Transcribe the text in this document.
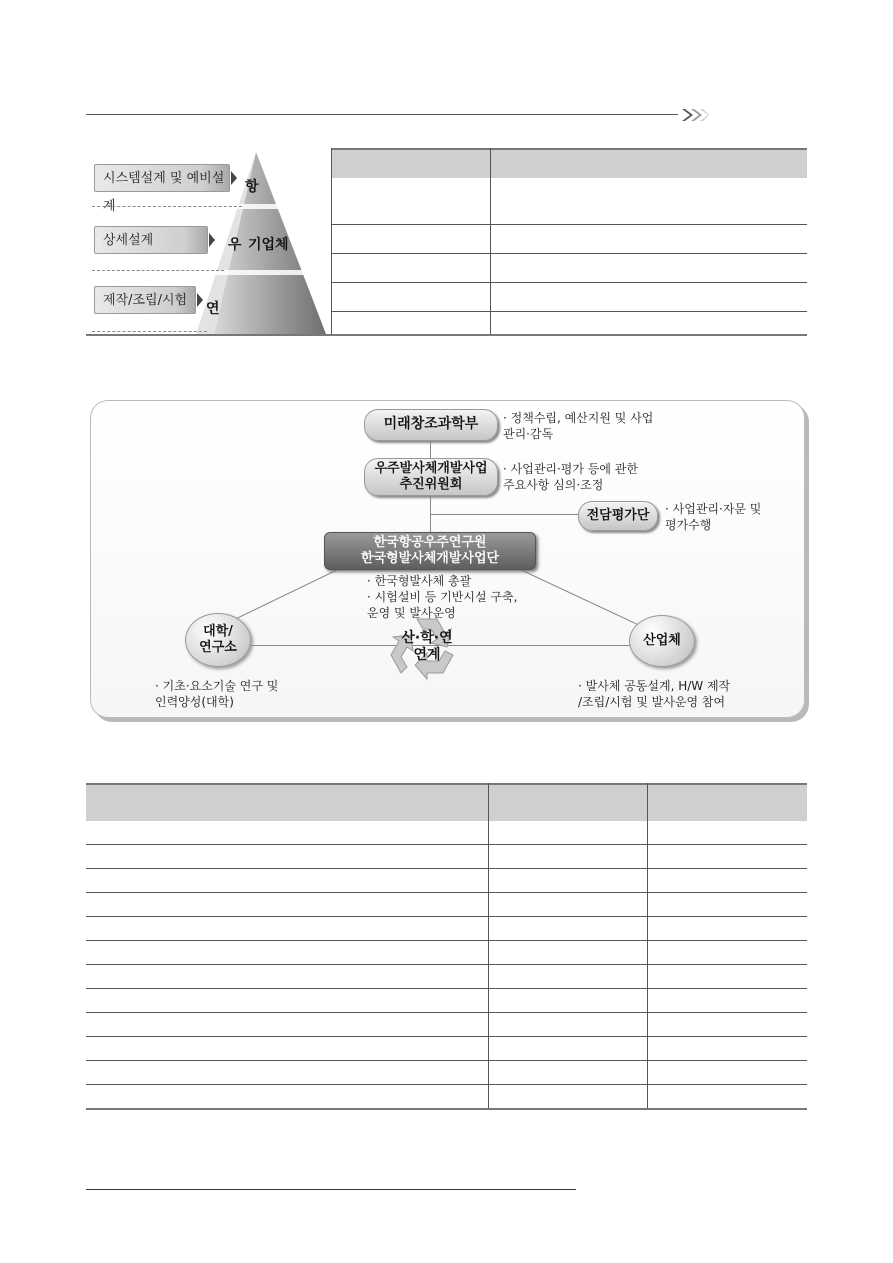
시스템설계 및 예비설계
상세설계
제작/조립/시험
항
우 기업체
연
미래창조과학부	· 정책수립, 예산지원 및 사업
관리·감독
우주발사체개발사업
추진위원회
· 사업관리·평가 등에 관한
주요사항 심의·조정
전담평가단	· 사업관리·자문 및
평가수행
한국항공우주연구원
한국형발사체개발사업단
· 한국형발사체 총괄
· 시험설비 등 기반시설 구축,
운영 및 발사운영
대학/
연구소
· 기초·요소기술 연구 및
인력양성(대학)
산업체
· 발사체 공동설계, H/W 제작
/조립/시험 및 발사운영 참여
산·학·연
연계
